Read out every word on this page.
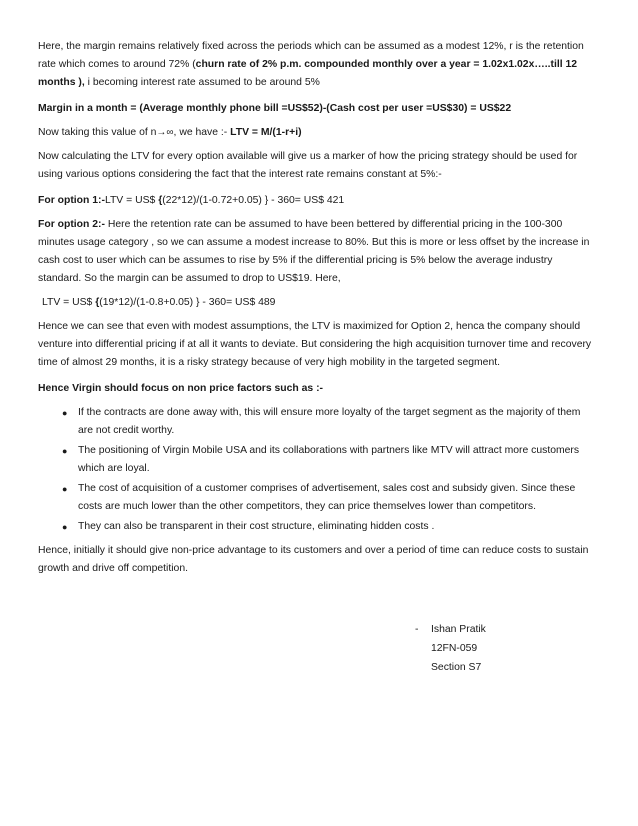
Here, the margin remains relatively fixed across the periods which can be assumed as a modest 12%, r is the retention rate which comes to around 72% (churn rate of 2% p.m. compounded monthly over a year = 1.02x1.02x…..till 12 months ), i becoming interest rate assumed to be around 5%

Margin in a month = (Average monthly phone bill =US$52)-(Cash cost per user =US$30) = US$22

Now taking this value of n→∞, we have :- LTV = M/(1-r+i)

Now calculating the LTV for every option available will give us a marker of how the pricing strategy should be used for using various options considering the fact that the interest rate remains constant at 5%:-

For option 1:-LTV = US$ {(22*12)/(1-0.72+0.05) } - 360= US$ 421

For option 2:- Here the retention rate can be assumed to have been bettered by differential pricing in the 100-300 minutes usage category , so we can assume a modest increase to 80%. But this is more or less offset by the increase in cash cost to user which can be assumes to rise by 5% if the differential pricing is 5% below the average industry standard. So the margin can be assumed to drop to US$19. Here,

LTV = US$ {(19*12)/(1-0.8+0.05) } - 360= US$ 489

Hence we can see that even with modest assumptions, the LTV is maximized for Option 2, henca the company should venture into differential pricing if at all it wants to deviate. But considering the high acquisition turnover time and recovery time of almost 29 months, it is a risky strategy because of very high mobility in the targeted segment.

Hence Virgin should focus on non price factors such as :-

● If the contracts are done away with, this will ensure more loyalty of the target segment as the majority of them are not credit worthy.
● The positioning of Virgin Mobile USA and its collaborations with partners like MTV will attract more customers which are loyal.
● The cost of acquisition of a customer comprises of advertisement, sales cost and subsidy given. Since these costs are much lower than the other competitors, they can price themselves lower than competitors.
● They can also be transparent in their cost structure, eliminating hidden costs .

Hence, initially it should give non-price advantage to its customers and over a period of time can reduce costs to sustain growth and drive off competition.

- Ishan Pratik
12FN-059
Section S7
